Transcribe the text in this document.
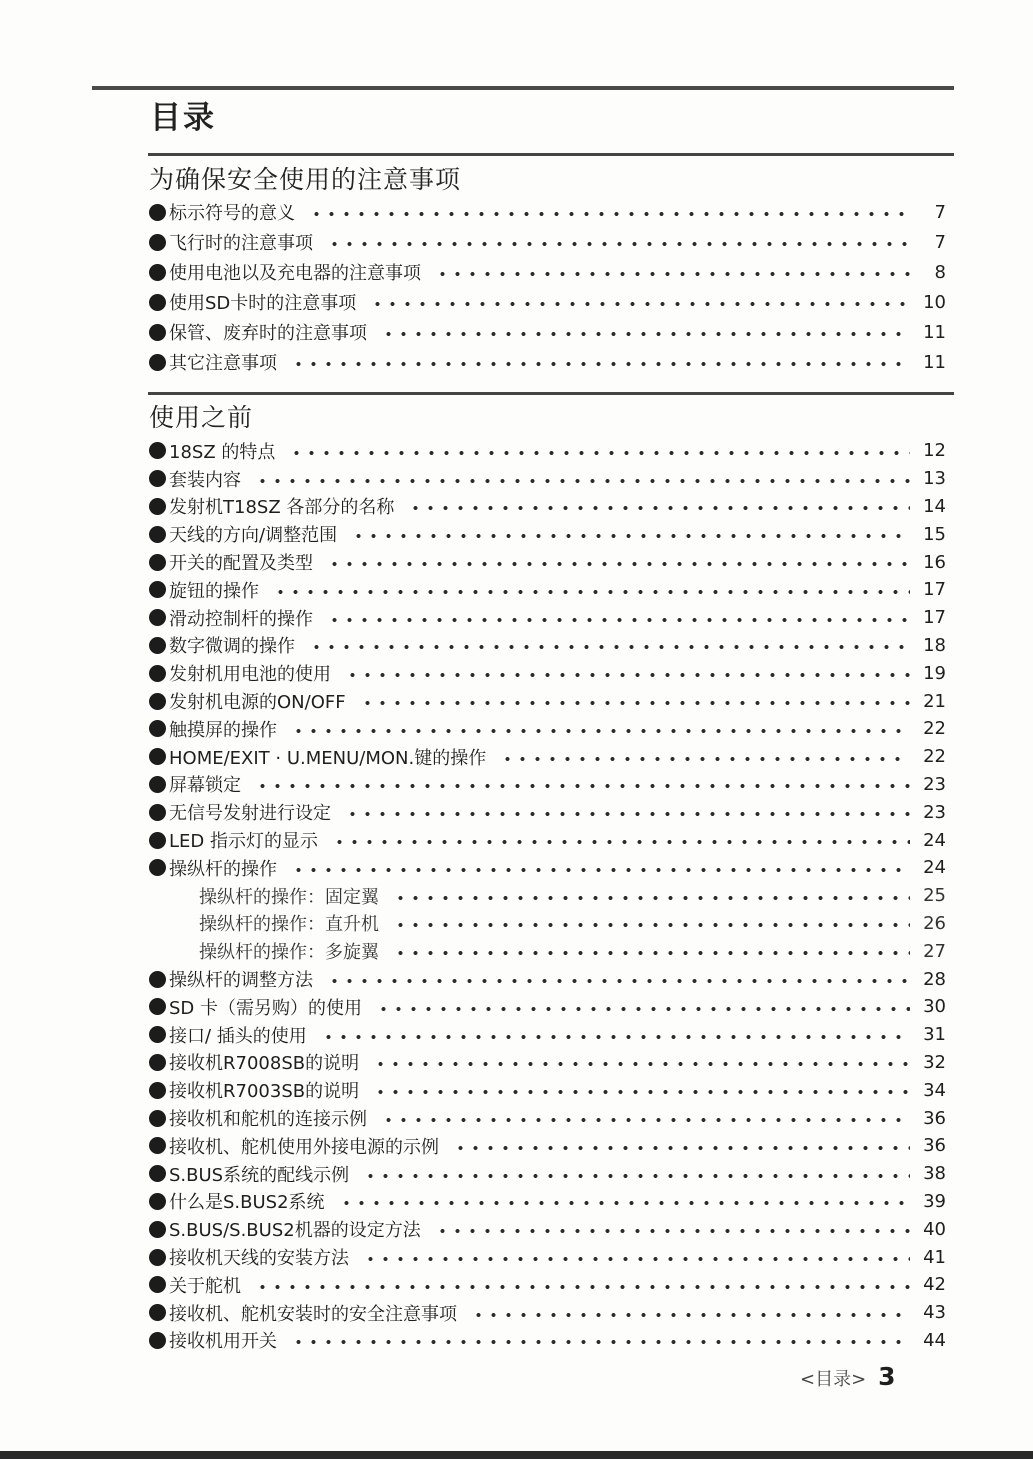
目录
为确保安全使用的注意事项
标示符号的意义	7
飞行时的注意事项	7
使用电池以及充电器的注意事项	8
使用SD卡时的注意事项	10
保管、废弃时的注意事项	11
其它注意事项	11
使用之前
18SZ 的特点	12
套装内容	13
发射机T18SZ 各部分的名称	14
天线的方向/调整范围	15
开关的配置及类型	16
旋钮的操作	17
滑动控制杆的操作	17
数字微调的操作	18
发射机用电池的使用	19
发射机电源的ON/OFF	21
触摸屏的操作	22
HOME/EXIT · U.MENU/MON.键的操作	22
屏幕锁定	23
无信号发射进行设定	23
LED 指示灯的显示	24
操纵杆的操作	24
操纵杆的操作：固定翼	25
操纵杆的操作：直升机	26
操纵杆的操作：多旋翼	27
操纵杆的调整方法	28
SD 卡（需另购）的使用	30
接口/ 插头的使用	31
接收机R7008SB的说明	32
接收机R7003SB的说明	34
接收机和舵机的连接示例	36
接收机、舵机使用外接电源的示例	36
S.BUS系统的配线示例	38
什么是S.BUS2系统	39
S.BUS/S.BUS2机器的设定方法	40
接收机天线的安装方法	41
关于舵机	42
接收机、舵机安装时的安全注意事项	43
接收机用开关	44
<目录> 3
